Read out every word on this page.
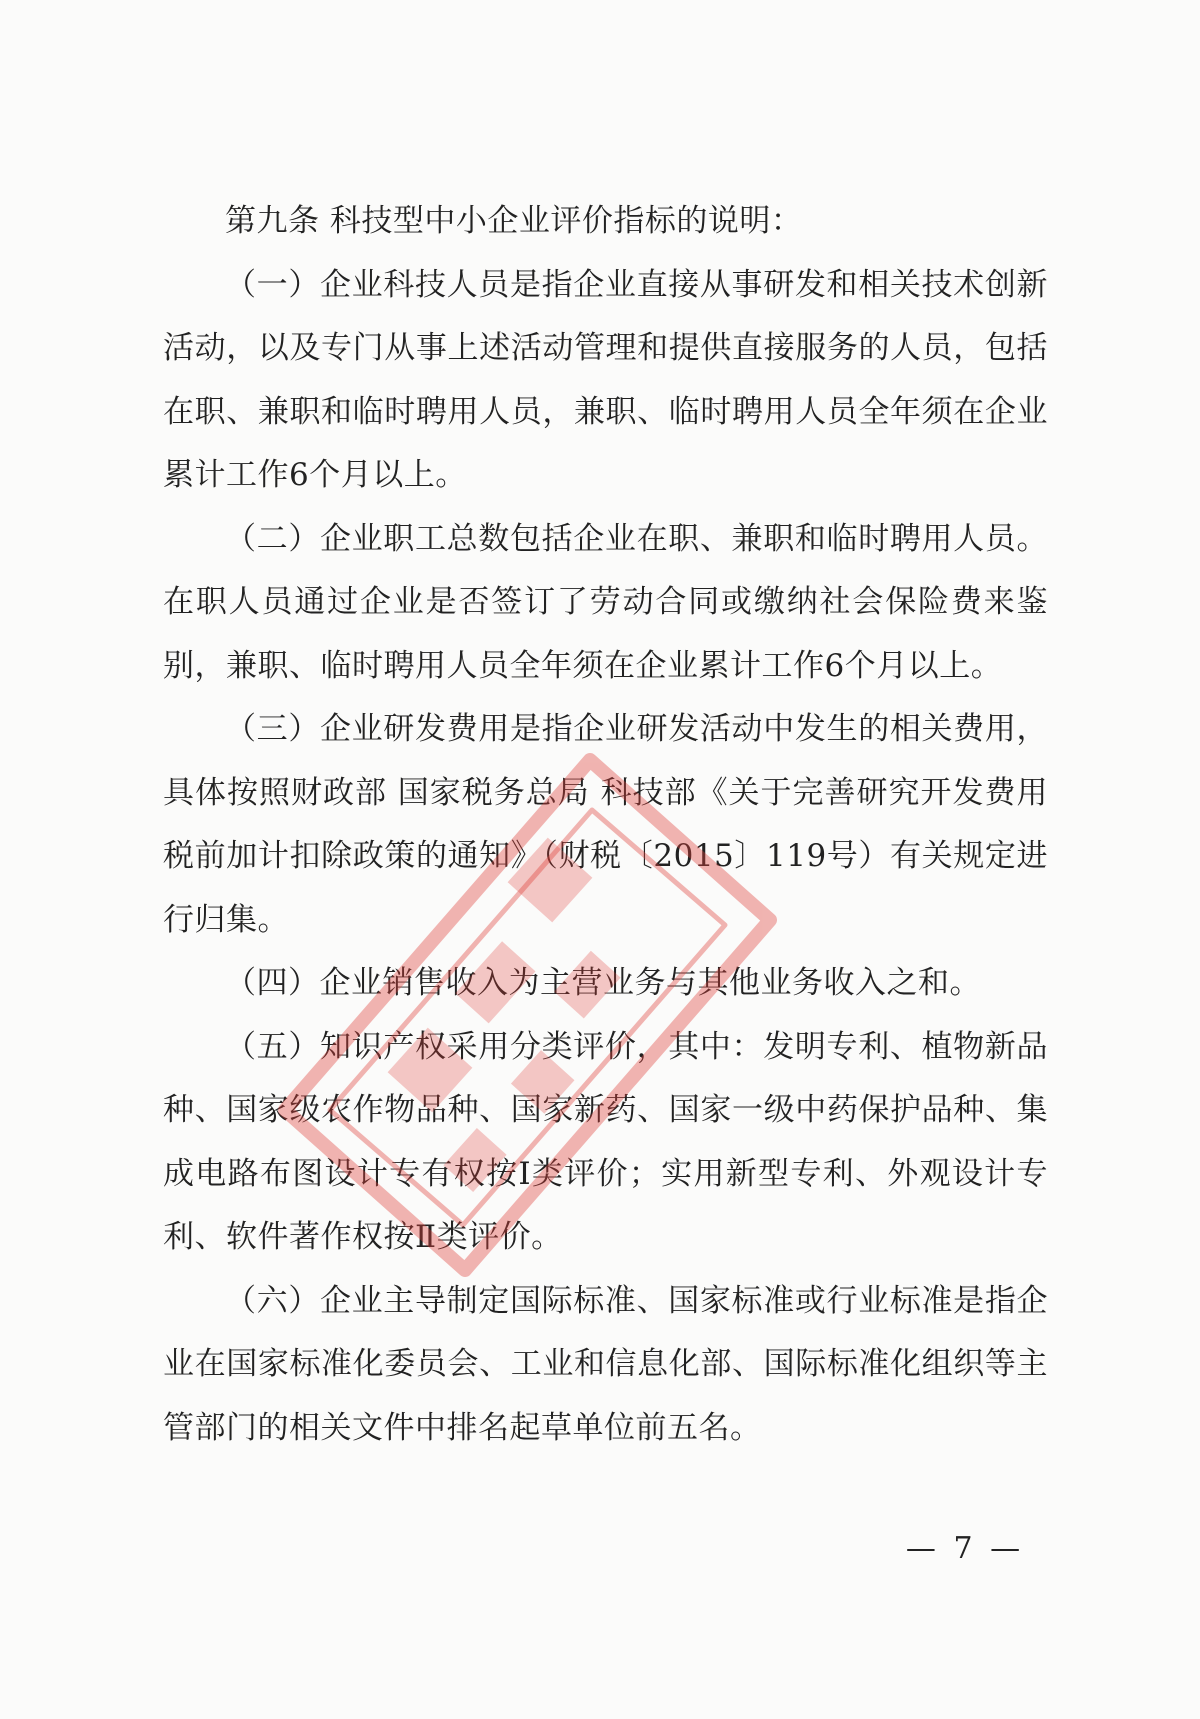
第九条 科技型中小企业评价指标的说明：

（一）企业科技人员是指企业直接从事研发和相关技术创新活动，以及专门从事上述活动管理和提供直接服务的人员，包括在职、兼职和临时聘用人员，兼职、临时聘用人员全年须在企业累计工作6个月以上。

（二）企业职工总数包括企业在职、兼职和临时聘用人员。在职人员通过企业是否签订了劳动合同或缴纳社会保险费来鉴别，兼职、临时聘用人员全年须在企业累计工作6个月以上。

（三）企业研发费用是指企业研发活动中发生的相关费用，具体按照财政部 国家税务总局 科技部《关于完善研究开发费用税前加计扣除政策的通知》（财税〔2015〕119号）有关规定进行归集。

（四）企业销售收入为主营业务与其他业务收入之和。

（五）知识产权采用分类评价，其中：发明专利、植物新品种、国家级农作物品种、国家新药、国家一级中药保护品种、集成电路布图设计专有权按Ⅰ类评价；实用新型专利、外观设计专利、软件著作权按Ⅱ类评价。

（六）企业主导制定国际标准、国家标准或行业标准是指企业在国家标准化委员会、工业和信息化部、国际标准化组织等主管部门的相关文件中排名起草单位前五名。

— 7 —
